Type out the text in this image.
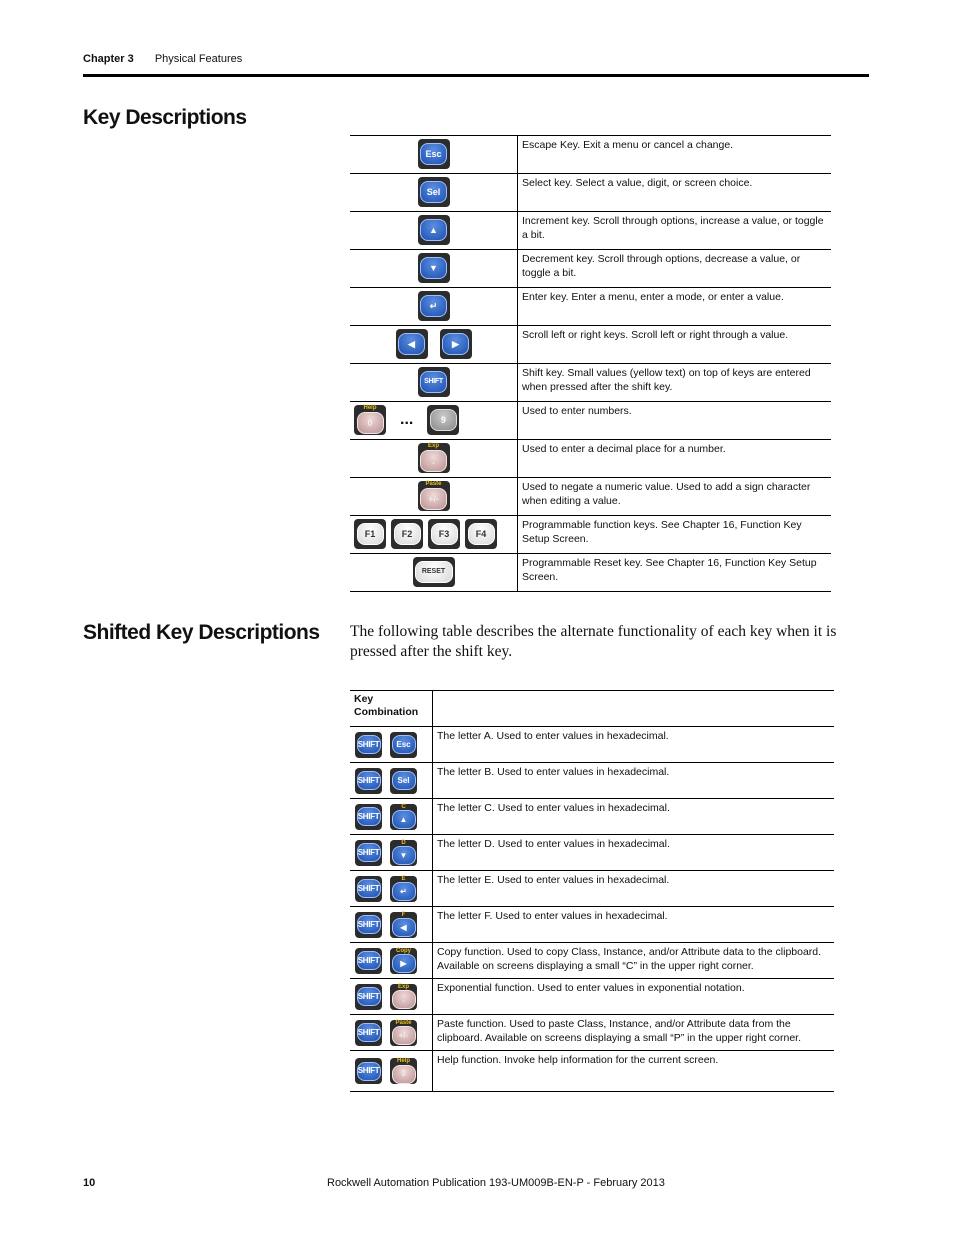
Chapter 3 Physical Features
Key Descriptions
Esc	Escape Key. Exit a menu or cancel a change.

Sel	Select key. Select a value, digit, or screen choice.

▲	Increment key. Scroll through options, increase a value, or toggle a bit.

▼	Decrement key. Scroll through options, decrease a value, or toggle a bit.

↵	Enter key. Enter a menu, enter a mode, or enter a value.

◀ ▶	Scroll left or right keys. Scroll left or right through a value.

SHIFT	Shift key. Small values (yellow text) on top of keys are entered when pressed after the shift key.

Help
0 ... 9	Used to enter numbers.

Exp
.	Used to enter a decimal place for a number.

Paste
+/-	Used to negate a numeric value. Used to add a sign character when editing a value.

F1 F2 F3 F4	Programmable function keys. See Chapter 16, Function Key Setup Screen.

RESET	Programmable Reset key. See Chapter 16, Function Key Setup Screen.
Shifted Key Descriptions The following table describes the alternate functionality of each key when it is pressed after the shift key.
Key Combination	

SHIFT Esc	The letter A. Used to enter values in hexadecimal.

SHIFT Sel	The letter B. Used to enter values in hexadecimal.

SHIFT
C
▲	The letter C. Used to enter values in hexadecimal.

SHIFT
D
▼	The letter D. Used to enter values in hexadecimal.

SHIFT
E
↵	The letter E. Used to enter values in hexadecimal.

SHIFT
F
◀	The letter F. Used to enter values in hexadecimal.

SHIFT
Copy
▶	Copy function. Used to copy Class, Instance, and/or Attribute data to the clipboard. Available on screens displaying a small “C” in the upper right corner.

SHIFT
Exp
.	Exponential function. Used to enter values in exponential notation.

SHIFT
Paste
+/-	Paste function. Used to paste Class, Instance, and/or Attribute data from the clipboard. Available on screens displaying a small “P” in the upper right corner.

SHIFT
Help
0	Help function. Invoke help information for the current screen.
10	Rockwell Automation Publication 193-UM009B-EN-P - February 2013
